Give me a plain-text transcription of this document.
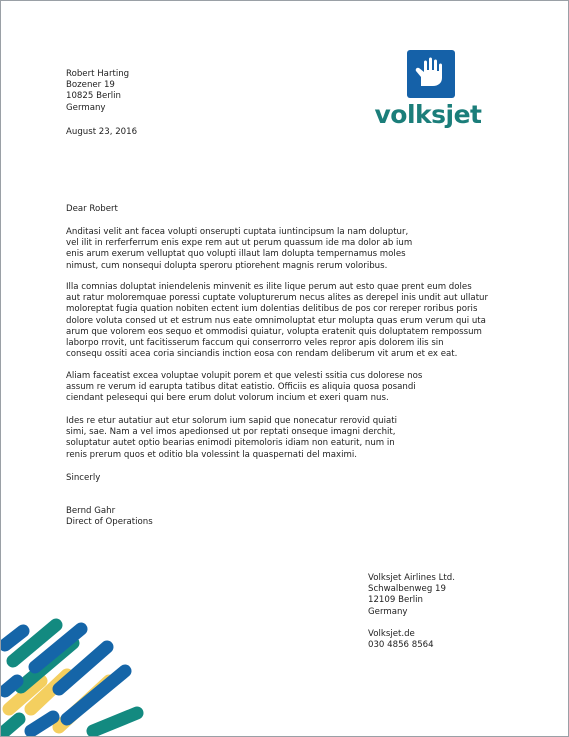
Robert Harting
Bozener 19
10825 Berlin
Germany
August 23, 2016
volksjet
Dear Robert

Anditasi velit ant facea volupti onserupti cuptata iuntincipsum la nam doluptur,
vel ilit in rerferferrum enis expe rem aut ut perum quassum ide ma dolor ab ium
enis arum exerum velluptat quo volupti illaut lam dolupta tempernamus moles
nimust, cum nonsequi dolupta speroru ptiorehent magnis rerum voloribus.

Illa comnias doluptat iniendelenis minvenit es ilite lique perum aut esto quae prent eum doles
aut ratur moloremquae poressi cuptate volupturerum necus alites as derepel inis undit aut ullatur
moloreptat fugia quation nobiten ectent ium dolentias delitibus de pos cor rereper roribus poris
dolore voluta consed ut et estrum nus eate omnimoluptat etur molupta quas erum verum qui uta
arum que volorem eos sequo et ommodisi quiatur, volupta eratenit quis doluptatem rempossum
laborpo rrovit, unt facitisserum faccum qui conserrorro veles repror apis dolorem ilis sin
consequ ossiti acea coria sinciandis inction eosa con rendam deliberum vit arum et ex eat.

Aliam faceatist excea voluptae volupit porem et que velesti ssitia cus dolorese nos
assum re verum id earupta tatibus ditat eatistio. Officiis es aliquia quosa posandi
ciendant pelesequi qui bere erum dolut volorum incium et exeri quam nus.

Ides re etur autatiur aut etur solorum ium sapid que nonecatur rerovid quiati
simi, sae. Nam a vel imos apedionsed ut por reptati onseque imagni derchit,
soluptatur autet optio bearias enimodi pitemoloris idiam non eaturit, num in
renis prerum quos et oditio bla volessint la quaspernati del maximi.

Sincerly
Bernd Gahr
Direct of Operations
Volksjet Airlines Ltd.
Schwalbenweg 19
12109 Berlin
Germany
Volksjet.de
030 4856 8564
